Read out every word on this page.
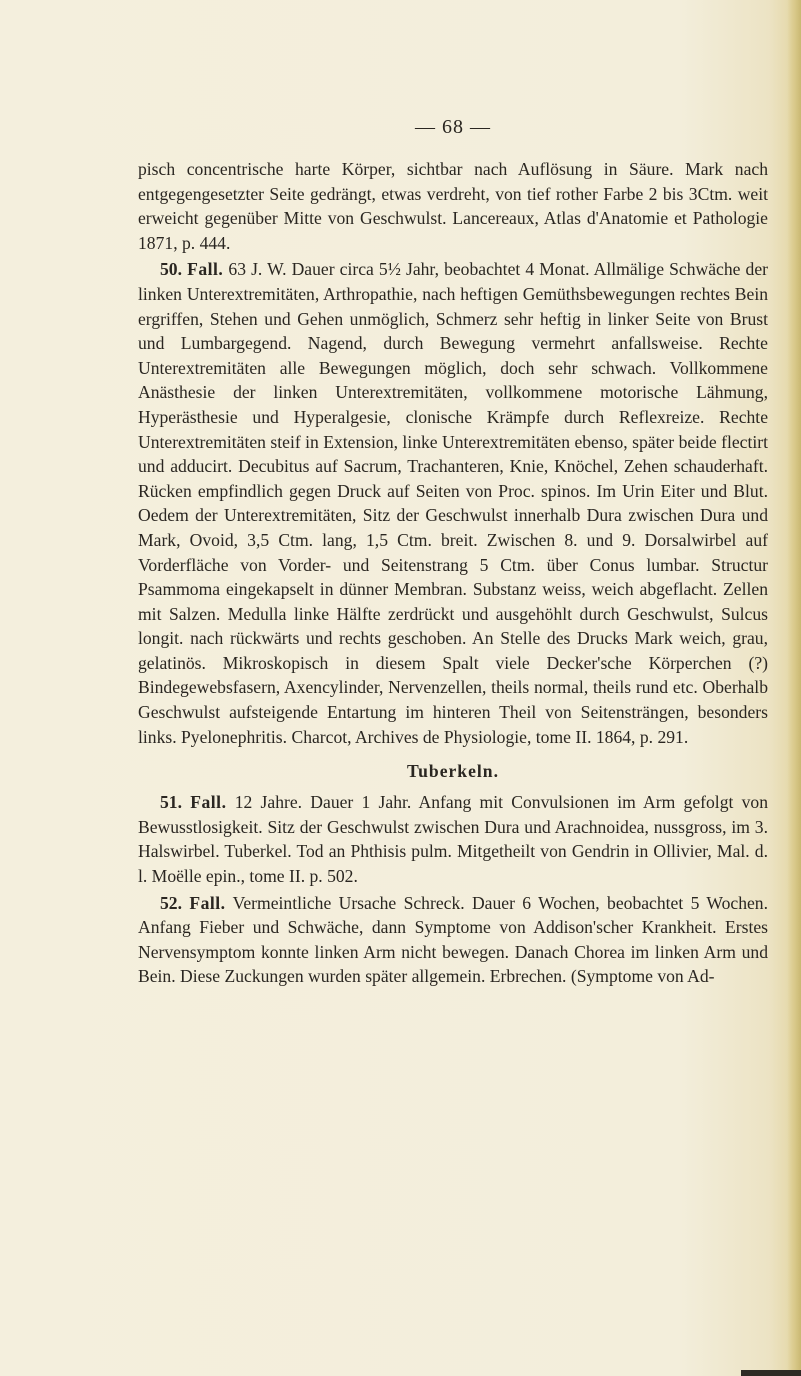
— 68 —

pisch concentrische harte Körper, sichtbar nach Auflösung in Säure. Mark nach entgegengesetzter Seite gedrängt, etwas verdreht, von tief rother Farbe 2 bis 3Ctm. weit erweicht gegenüber Mitte von Geschwulst. Lancereaux, Atlas d'Anatomie et Pathologie 1871, p. 444.

50. Fall. 63 J. W. Dauer circa 5½ Jahr, beobachtet 4 Monat. Allmälige Schwäche der linken Unterextremitäten, Arthropathie, nach heftigen Gemüthsbewegungen rechtes Bein ergriffen, Stehen und Gehen unmöglich, Schmerz sehr heftig in linker Seite von Brust und Lumbargegend. Nagend, durch Bewegung vermehrt anfallsweise. Rechte Unterextremitäten alle Bewegungen möglich, doch sehr schwach. Vollkommene Anästhesie der linken Unterextremitäten, vollkommene motorische Lähmung, Hyperästhesie und Hyperalgesie, clonische Krämpfe durch Reflexreize. Rechte Unterextremitäten steif in Extension, linke Unterextremitäten ebenso, später beide flectirt und adducirt. Decubitus auf Sacrum, Trachanteren, Knie, Knöchel, Zehen schauderhaft. Rücken empfindlich gegen Druck auf Seiten von Proc. spinos. Im Urin Eiter und Blut. Oedem der Unterextremitäten, Sitz der Geschwulst innerhalb Dura zwischen Dura und Mark, Ovoid, 3,5 Ctm. lang, 1,5 Ctm. breit. Zwischen 8. und 9. Dorsalwirbel auf Vorderfläche von Vorder- und Seitenstrang 5 Ctm. über Conus lumbar. Structur Psammoma eingekapselt in dünner Membran. Substanz weiss, weich abgeflacht. Zellen mit Salzen. Medulla linke Hälfte zerdrückt und ausgehöhlt durch Geschwulst, Sulcus longit. nach rückwärts und rechts geschoben. An Stelle des Drucks Mark weich, grau, gelatinös. Mikroskopisch in diesem Spalt viele Decker'sche Körperchen (?) Bindegewebsfasern, Axencylinder, Nervenzellen, theils normal, theils rund etc. Oberhalb Geschwulst aufsteigende Entartung im hinteren Theil von Seitensträngen, besonders links. Pyelonephritis. Charcot, Archives de Physiologie, tome II. 1864, p. 291.

Tuberkeln.

51. Fall. 12 Jahre. Dauer 1 Jahr. Anfang mit Convulsionen im Arm gefolgt von Bewusstlosigkeit. Sitz der Geschwulst zwischen Dura und Arachnoidea, nussgross, im 3. Halswirbel. Tuberkel. Tod an Phthisis pulm. Mitgetheilt von Gendrin in Ollivier, Mal. d. l. Moëlle epin., tome II. p. 502.

52. Fall. Vermeintliche Ursache Schreck. Dauer 6 Wochen, beobachtet 5 Wochen. Anfang Fieber und Schwäche, dann Symptome von Addison'scher Krankheit. Erstes Nervensymptom konnte linken Arm nicht bewegen. Danach Chorea im linken Arm und Bein. Diese Zuckungen wurden später allgemein. Erbrechen. (Symptome von Ad-
